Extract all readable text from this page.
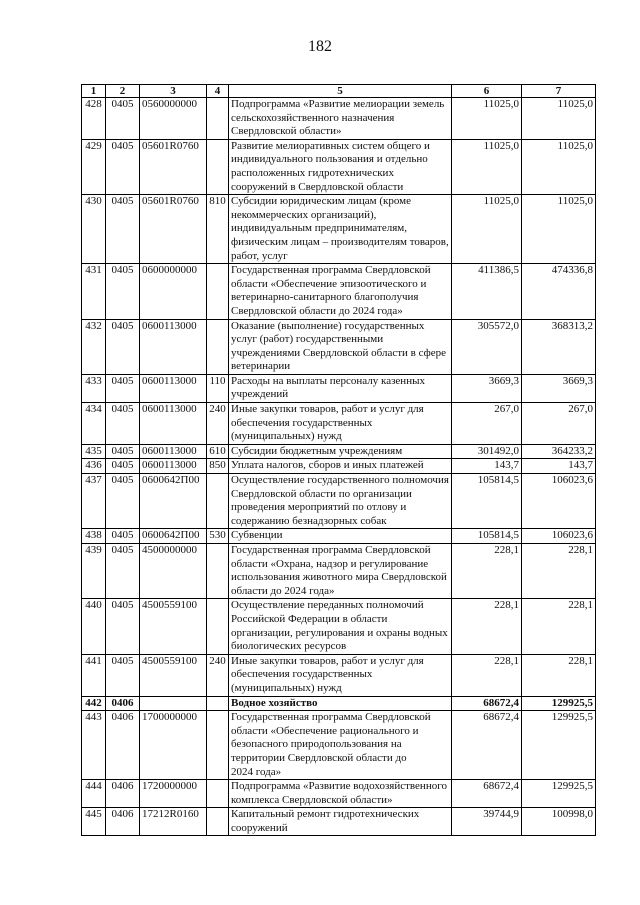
182
1	2	3	4	5	6	7
428	0405	0560000000		Подпрограмма «Развитие мелиорации земель
сельскохозяйственного назначения
Свердловской области»	11025,0	11025,0
429	0405	05601R0760		Развитие мелиоративных систем общего и
индивидуального пользования и отдельно
расположенных гидротехнических
сооружений в Свердловской области	11025,0	11025,0
430	0405	05601R0760	810	Субсидии юридическим лицам (кроме
некоммерческих организаций),
индивидуальным предпринимателям,
физическим лицам – производителям товаров,
работ, услуг	11025,0	11025,0
431	0405	0600000000		Государственная программа Свердловской
области «Обеспечение эпизоотического и
ветеринарно-санитарного благополучия
Свердловской области до 2024 года»	411386,5	474336,8
432	0405	0600113000		Оказание (выполнение) государственных
услуг (работ) государственными
учреждениями Свердловской области в сфере
ветеринарии	305572,0	368313,2
433	0405	0600113000	110	Расходы на выплаты персоналу казенных
учреждений	3669,3	3669,3
434	0405	0600113000	240	Иные закупки товаров, работ и услуг для
обеспечения государственных
(муниципальных) нужд	267,0	267,0
435	0405	0600113000	610	Субсидии бюджетным учреждениям	301492,0	364233,2
436	0405	0600113000	850	Уплата налогов, сборов и иных платежей	143,7	143,7
437	0405	0600642П00		Осуществление государственного полномочия
Свердловской области по организации
проведения мероприятий по отлову и
содержанию безнадзорных собак	105814,5	106023,6
438	0405	0600642П00	530	Субвенции	105814,5	106023,6
439	0405	4500000000		Государственная программа Свердловской
области «Охрана, надзор и регулирование
использования животного мира Свердловской
области до 2024 года»	228,1	228,1
440	0405	4500559100		Осуществление переданных полномочий
Российской Федерации в области
организации, регулирования и охраны водных
биологических ресурсов	228,1	228,1
441	0405	4500559100	240	Иные закупки товаров, работ и услуг для
обеспечения государственных
(муниципальных) нужд	228,1	228,1
442	0406			Водное хозяйство	68672,4	129925,5
443	0406	1700000000		Государственная программа Свердловской
области «Обеспечение рационального и
безопасного природопользования на
территории Свердловской области до
2024 года»	68672,4	129925,5
444	0406	1720000000		Подпрограмма «Развитие водохозяйственного
комплекса Свердловской области»	68672,4	129925,5
445	0406	17212R0160		Капитальный ремонт гидротехнических
сооружений	39744,9	100998,0
